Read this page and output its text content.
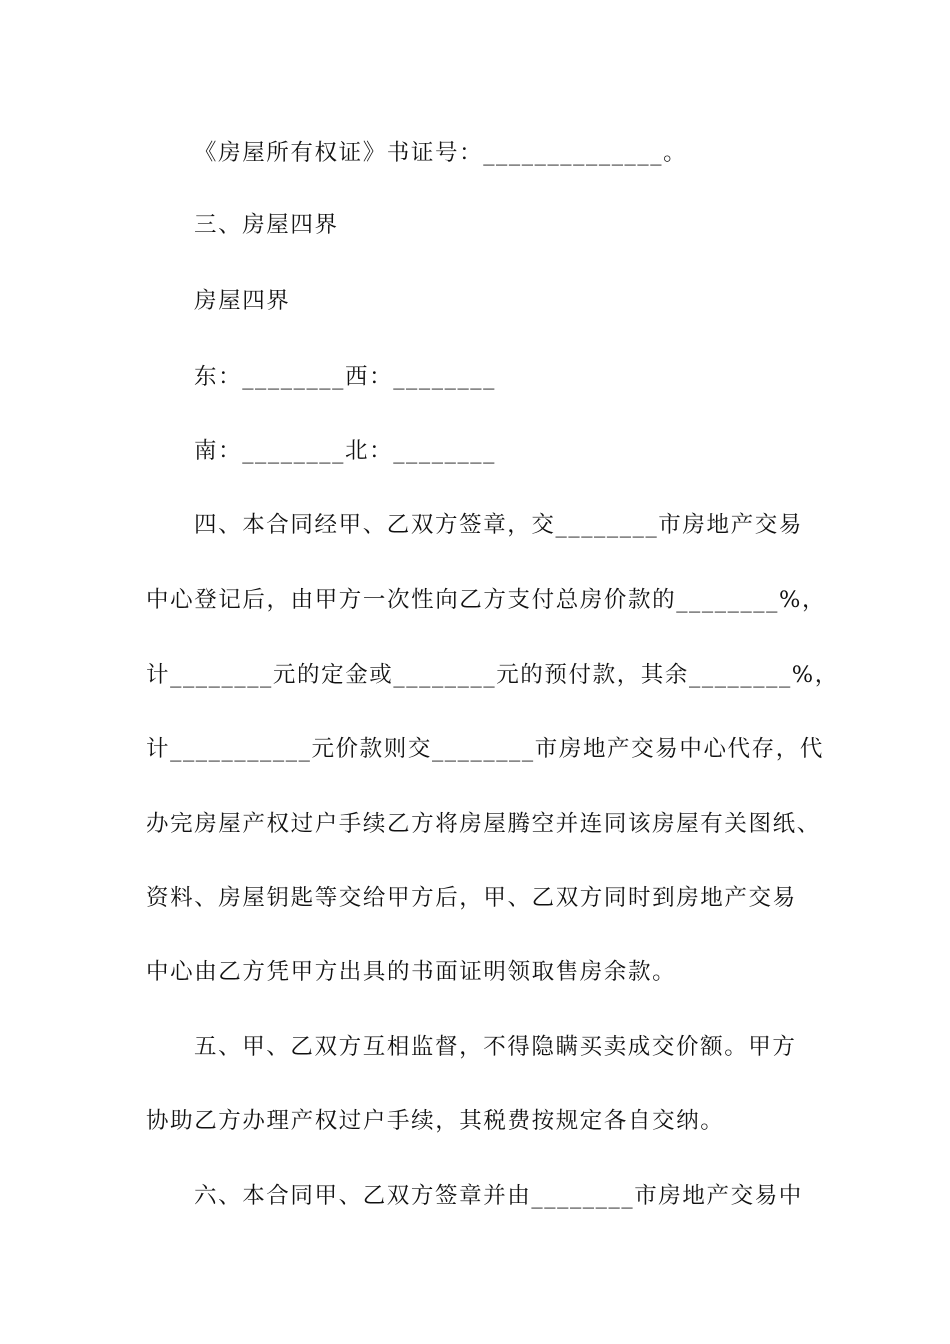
《房屋所有权证》书证号：______________。
三、房屋四界
房屋四界
东：________西：________
南：________北：________
四、本合同经甲、乙双方签章，交________市房地产交易
中心登记后，由甲方一次性向乙方支付总房价款的________%，
计________元的定金或________元的预付款，其余________%，
计___________元价款则交________市房地产交易中心代存，代
办完房屋产权过户手续乙方将房屋腾空并连同该房屋有关图纸、
资料、房屋钥匙等交给甲方后，甲、乙双方同时到房地产交易
中心由乙方凭甲方出具的书面证明领取售房余款。
五、甲、乙双方互相监督，不得隐瞒买卖成交价额。甲方
协助乙方办理产权过户手续，其税费按规定各自交纳。
六、本合同甲、乙双方签章并由________市房地产交易中
